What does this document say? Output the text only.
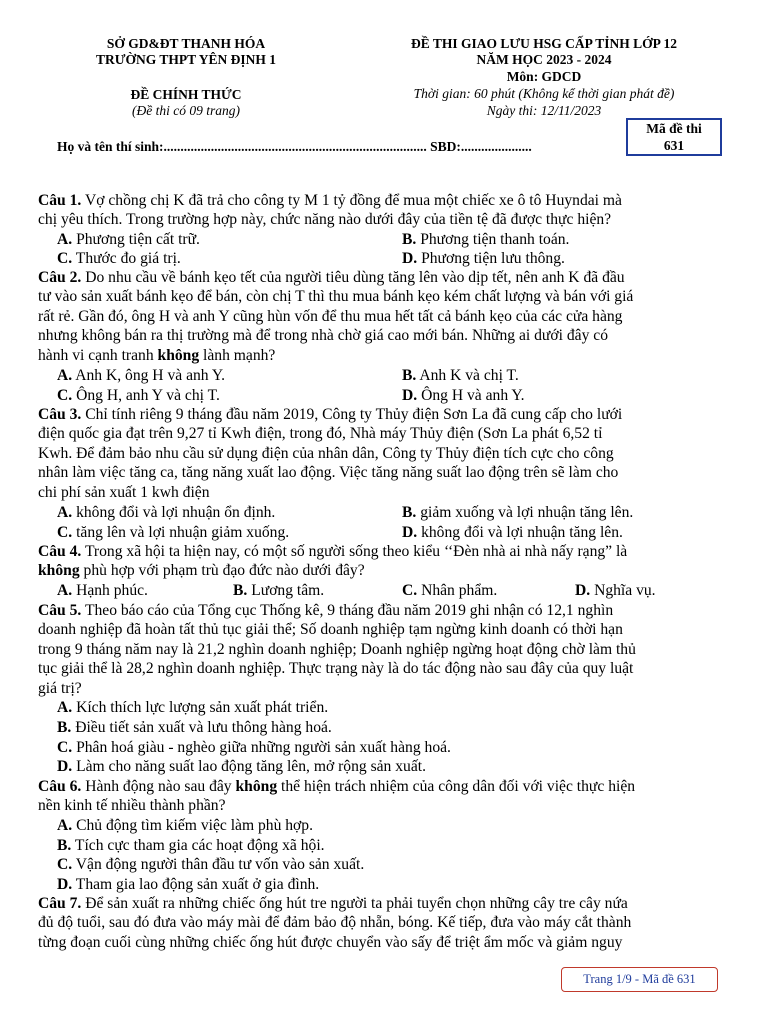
SỞ GD&ĐT THANH HÓA
TRƯỜNG THPT YÊN ĐỊNH 1
ĐỀ CHÍNH THỨC
(Đề thi có 09 trang)
ĐỀ THI GIAO LƯU HSG CẤP TỈNH LỚP 12
NĂM HỌC 2023 - 2024
Môn: GDCD
Thời gian: 60 phút (Không kể thời gian phát đề)
Ngày thi: 12/11/2023
Họ và tên thí sinh:.............................................................................. SBD:.....................
Mã đề thi
631

Câu 1. Vợ chồng chị K đã trả cho công ty M 1 tỷ đồng để mua một chiếc xe ô tô Huyndai mà

chị yêu thích. Trong trường hợp này, chức năng nào dưới đây của tiền tệ đã được thực hiện?

A. Phương tiện cất trữ.	B. Phương tiện thanh toán.
C. Thước đo giá trị.	D. Phương tiện lưu thông.

Câu 2. Do nhu cầu về bánh kẹo tết của người tiêu dùng tăng lên vào dịp tết, nên anh K đã đầu

tư vào sản xuất bánh kẹo để bán, còn chị T thì thu mua bánh kẹo kém chất lượng và bán với giá

rất rẻ. Gần đó, ông H và anh Y cũng hùn vốn để thu mua hết tất cả bánh kẹo của các cửa hàng

nhưng không bán ra thị trường mà để trong nhà chờ giá cao mới bán. Những ai dưới đây có

hành vi cạnh tranh không lành mạnh?

A. Anh K, ông H và anh Y.	B. Anh K và chị T.
C. Ông H, anh Y và chị T.	D. Ông H và anh Y.

Câu 3. Chỉ tính riêng 9 tháng đầu năm 2019, Công ty Thủy điện Sơn La đã cung cấp cho lưới

điện quốc gia đạt trên 9,27 tỉ Kwh điện, trong đó, Nhà máy Thủy điện (Sơn La phát 6,52 tỉ

Kwh. Để đảm bảo nhu cầu sử dụng điện của nhân dân, Công ty Thủy điện tích cực cho công

nhân làm việc tăng ca, tăng năng xuất lao động. Việc tăng năng suất lao động trên sẽ làm cho

chi phí sản xuất 1 kwh điện

A. không đổi và lợi nhuận ổn định.	B. giảm xuống và lợi nhuận tăng lên.
C. tăng lên và lợi nhuận giảm xuống.	D. không đổi và lợi nhuận tăng lên.

Câu 4. Trong xã hội ta hiện nay, có một số người sống theo kiểu ‘‘Đèn nhà ai nhà nấy rạng” là

không phù hợp với phạm trù đạo đức nào dưới đây?

A. Hạnh phúc.	B. Lương tâm.	C. Nhân phẩm.	D. Nghĩa vụ.

Câu 5. Theo báo cáo của Tổng cục Thống kê, 9 tháng đầu năm 2019 ghi nhận có 12,1 nghìn

doanh nghiệp đã hoàn tất thủ tục giải thể; Số doanh nghiệp tạm ngừng kinh doanh có thời hạn

trong 9 tháng năm nay là 21,2 nghìn doanh nghiệp; Doanh nghiệp ngừng hoạt động chờ làm thủ

tục giải thể là 28,2 nghìn doanh nghiệp. Thực trạng này là do tác động nào sau đây của quy luật

giá trị?

A. Kích thích lực lượng sản xuất phát triển.
B. Điều tiết sản xuất và lưu thông hàng hoá.
C. Phân hoá giàu - nghèo giữa những người sản xuất hàng hoá.
D. Làm cho năng suất lao động tăng lên, mở rộng sản xuất.

Câu 6. Hành động nào sau đây không thể hiện trách nhiệm của công dân đối với việc thực hiện

nền kinh tế nhiều thành phần?

A. Chủ động tìm kiếm việc làm phù hợp.
B. Tích cực tham gia các hoạt động xã hội.
C. Vận động người thân đầu tư vốn vào sản xuất.
D. Tham gia lao động sản xuất ở gia đình.

Câu 7. Để sản xuất ra những chiếc ống hút tre người ta phải tuyển chọn những cây tre cây nứa

đủ độ tuổi, sau đó đưa vào máy mài để đảm bảo độ nhẵn, bóng. Kế tiếp, đưa vào máy cắt thành

từng đoạn cuối cùng những chiếc ống hút được chuyển vào sấy để triệt ẩm mốc và giảm nguy

Trang 1/9 - Mã đề 631
